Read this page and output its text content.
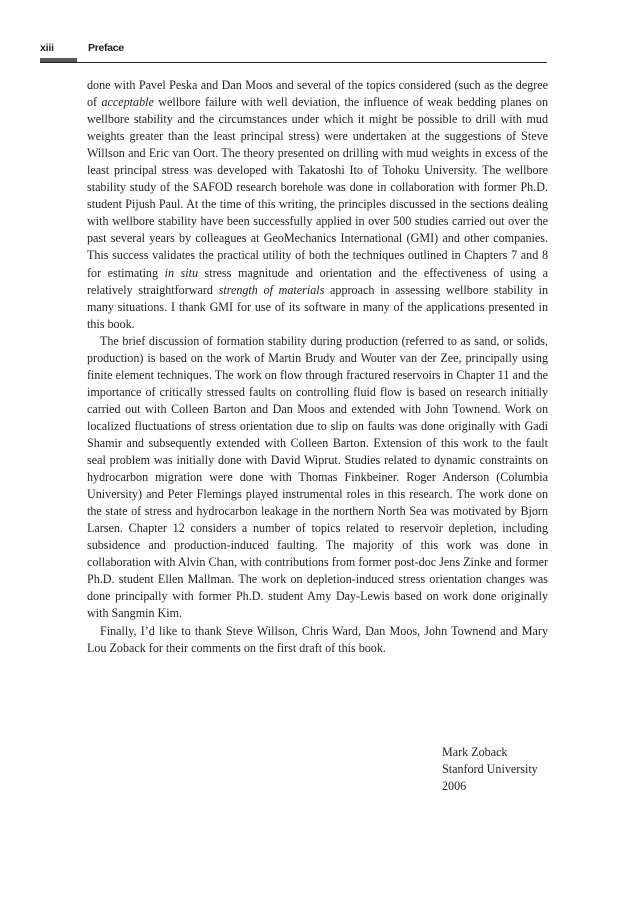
xiii	Preface

done with Pavel Peska and Dan Moos and several of the topics considered (such as the degree of acceptable wellbore failure with well deviation, the influence of weak bedding planes on wellbore stability and the circumstances under which it might be possible to drill with mud weights greater than the least principal stress) were undertaken at the suggestions of Steve Willson and Eric van Oort. The theory presented on drilling with mud weights in excess of the least principal stress was developed with Takatoshi Ito of Tohoku University. The wellbore stability study of the SAFOD research borehole was done in collaboration with former Ph.D. student Pijush Paul. At the time of this writing, the principles discussed in the sections dealing with wellbore stability have been successfully applied in over 500 studies carried out over the past several years by colleagues at GeoMechanics International (GMI) and other companies. This success validates the practical utility of both the techniques outlined in Chapters 7 and 8 for estimating in situ stress magnitude and orientation and the effectiveness of using a relatively straightforward strength of materials approach in assessing wellbore stability in many situations. I thank GMI for use of its software in many of the applications presented in this book.

The brief discussion of formation stability during production (referred to as sand, or solids, production) is based on the work of Martin Brudy and Wouter van der Zee, principally using finite element techniques. The work on flow through fractured reservoirs in Chapter 11 and the importance of critically stressed faults on controlling fluid flow is based on research initially carried out with Colleen Barton and Dan Moos and extended with John Townend. Work on localized fluctuations of stress orientation due to slip on faults was done originally with Gadi Shamir and subsequently extended with Colleen Barton. Extension of this work to the fault seal problem was initially done with David Wiprut. Studies related to dynamic constraints on hydrocarbon migration were done with Thomas Finkbeiner. Roger Anderson (Columbia University) and Peter Flemings played instrumental roles in this research. The work done on the state of stress and hydrocarbon leakage in the northern North Sea was motivated by Bjorn Larsen. Chapter 12 considers a number of topics related to reservoir depletion, including subsidence and production-induced faulting. The majority of this work was done in collaboration with Alvin Chan, with contributions from former post-doc Jens Zinke and former Ph.D. student Ellen Mallman. The work on depletion-induced stress orientation changes was done principally with former Ph.D. student Amy Day-Lewis based on work done originally with Sangmin Kim.

Finally, I’d like to thank Steve Willson, Chris Ward, Dan Moos, John Townend and Mary Lou Zoback for their comments on the first draft of this book.

Mark Zoback
Stanford University
2006
